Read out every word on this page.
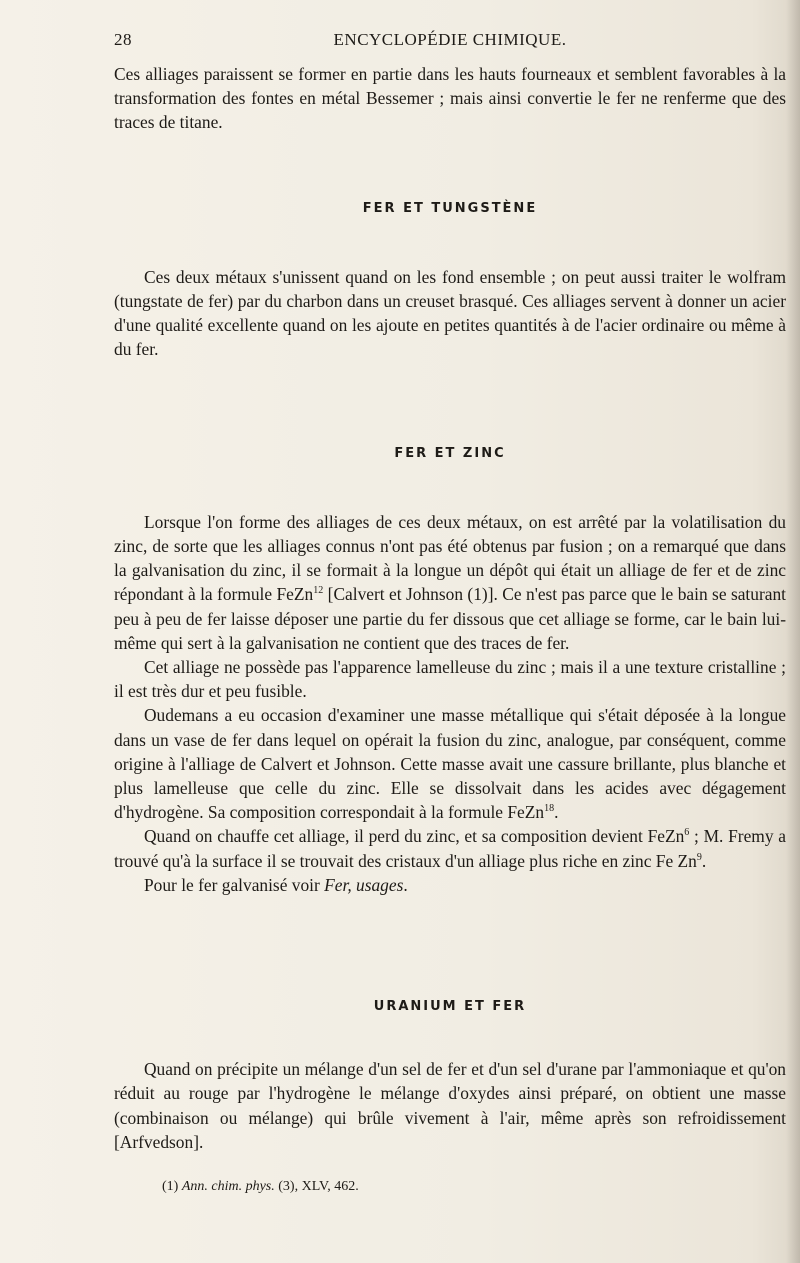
28	ENCYCLOPÉDIE CHIMIQUE.

Ces alliages paraissent se former en partie dans les hauts fourneaux et semblent favorables à la transformation des fontes en métal Bessemer ; mais ainsi convertie le fer ne renferme que des traces de titane.

FER ET TUNGSTÈNE

Ces deux métaux s'unissent quand on les fond ensemble ; on peut aussi traiter le wolfram (tungstate de fer) par du charbon dans un creuset brasqué. Ces alliages servent à donner un acier d'une qualité excellente quand on les ajoute en petites quantités à de l'acier ordinaire ou même à du fer.

FER ET ZINC

Lorsque l'on forme des alliages de ces deux métaux, on est arrêté par la volatilisation du zinc, de sorte que les alliages connus n'ont pas été obtenus par fusion ; on a remarqué que dans la galvanisation du zinc, il se formait à la longue un dépôt qui était un alliage de fer et de zinc répondant à la formule FeZn$^{12}$ [Calvert et Johnson (1)]. Ce n'est pas parce que le bain se saturant peu à peu de fer laisse déposer une partie du fer dissous que cet alliage se forme, car le bain lui-même qui sert à la galvanisation ne contient que des traces de fer.

Cet alliage ne possède pas l'apparence lamelleuse du zinc ; mais il a une texture cristalline ; il est très dur et peu fusible.

Oudemans a eu occasion d'examiner une masse métallique qui s'était déposée à la longue dans un vase de fer dans lequel on opérait la fusion du zinc, analogue, par conséquent, comme origine à l'alliage de Calvert et Johnson. Cette masse avait une cassure brillante, plus blanche et plus lamelleuse que celle du zinc. Elle se dissolvait dans les acides avec dégagement d'hydrogène. Sa composition correspondait à la formule FeZn$^{18}$.

Quand on chauffe cet alliage, il perd du zinc, et sa composition devient FeZn$^6$ ; M. Fremy a trouvé qu'à la surface il se trouvait des cristaux d'un alliage plus riche en zinc Fe Zn$^9$.

Pour le fer galvanisé voir Fer, usages.

URANIUM ET FER

Quand on précipite un mélange d'un sel de fer et d'un sel d'urane par l'ammoniaque et qu'on réduit au rouge par l'hydrogène le mélange d'oxydes ainsi préparé, on obtient une masse (combinaison ou mélange) qui brûle vivement à l'air, même après son refroidissement [Arfvedson].

(1) Ann. chim. phys. (3), XLV, 462.
